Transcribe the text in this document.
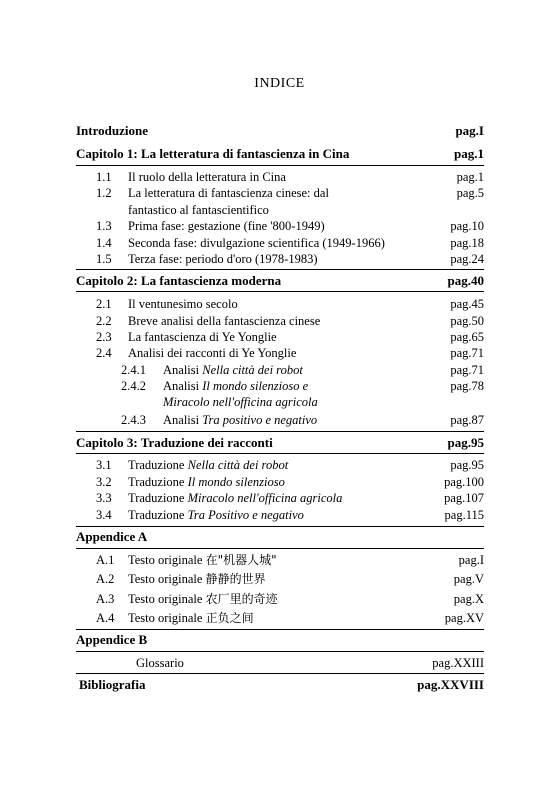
INDICE
Introduzione	pag.I
Capitolo 1: La letteratura di fantascienza in Cina	pag.1
1.1 Il ruolo della letteratura in Cina	pag.1
1.2 La letteratura di fantascienza cinese: dal	pag.5
fantastico al fantascientifico
1.3 Prima fase: gestazione (fine '800-1949)	pag.10
1.4 Seconda fase: divulgazione scientifica (1949-1966)	pag.18
1.5 Terza fase: periodo d'oro (1978-1983)	pag.24
Capitolo 2: La fantascienza moderna	pag.40
2.1 Il ventunesimo secolo	pag.45
2.2 Breve analisi della fantascienza cinese	pag.50
2.3 La fantascienza di Ye Yonglie	pag.65
2.4 Analisi dei racconti di Ye Yonglie	pag.71
2.4.1 Analisi Nella città dei robot	pag.71
2.4.2 Analisi Il mondo silenzioso e	pag.78
Miracolo nell'officina agricola
2.4.3 Analisi Tra positivo e negativo	pag.87
Capitolo 3: Traduzione dei racconti	pag.95
3.1 Traduzione Nella città dei robot	pag.95
3.2 Traduzione Il mondo silenzioso	pag.100
3.3 Traduzione Miracolo nell'officina agricola	pag.107
3.4 Traduzione Tra Positivo e negativo	pag.115
Appendice A
A.1 Testo originale 在"机器人城"	pag.I
A.2 Testo originale 静静的世界	pag.V
A.3 Testo originale 农厂里的奇迹	pag.X
A.4 Testo originale 正负之间	pag.XV
Appendice B
Glossario	pag.XXIII
Bibliografia	pag.XXVIII
